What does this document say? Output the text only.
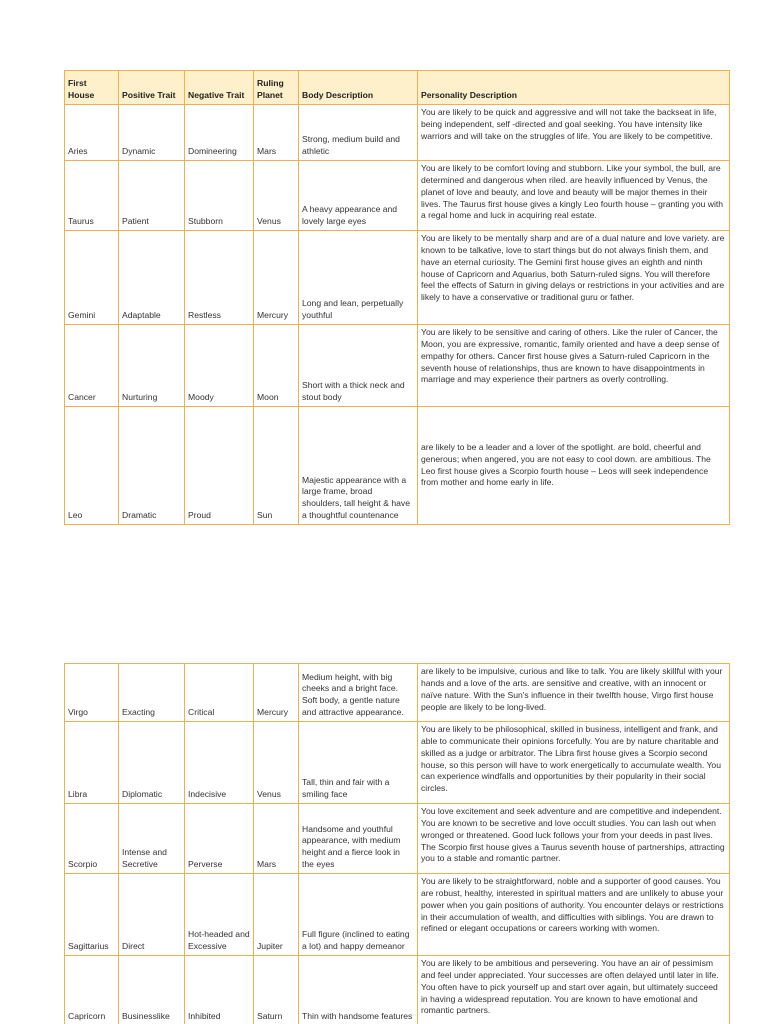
First House	Positive Trait	Negative Trait	Ruling Planet	Body Description	Personality Description
Aries	Dynamic	Domineering	Mars	Strong, medium build and athletic	You are likely to be quick and aggressive and will not take the backseat in life, being independent, self -directed and goal seeking. You have intensity like warriors and will take on the struggles of life. You are likely to be competitive.
Taurus	Patient	Stubborn	Venus	A heavy appearance and lovely large eyes	You are likely to be comfort loving and stubborn. Like your symbol, the bull, are determined and dangerous when riled. are heavily influenced by Venus, the planet of love and beauty, and love and beauty will be major themes in their lives. The Taurus first house gives a kingly Leo fourth house – granting you with a regal home and luck in acquiring real estate.
Gemini	Adaptable	Restless	Mercury	Long and lean, perpetually youthful	You are likely to be mentally sharp and are of a dual nature and love variety. are known to be talkative, love to start things but do not always finish them, and have an eternal curiosity. The Gemini first house gives an eighth and ninth house of Capricorn and Aquarius, both Saturn-ruled signs. You will therefore feel the effects of Saturn in giving delays or restrictions in your activities and are likely to have a conservative or traditional guru or father.
Cancer	Nurturing	Moody	Moon	Short with a thick neck and stout body	You are likely to be sensitive and caring of others. Like the ruler of Cancer, the Moon, you are expressive, romantic, family oriented and have a deep sense of empathy for others. Cancer first house gives a Saturn-ruled Capricorn in the seventh house of relationships, thus are known to have disappointments in marriage and may experience their partners as overly controlling.
Leo	Dramatic	Proud	Sun	Majestic appearance with a large frame, broad shoulders, tall height & have a thoughtful countenance	are likely to be a leader and a lover of the spotlight. are bold, cheerful and generous; when angered, you are not easy to cool down. are ambitious. The Leo first house gives a Scorpio fourth house – Leos will seek independence from mother and home early in life.
Virgo	Exacting	Critical	Mercury	Medium height, with big cheeks and a bright face. Soft body, a gentle nature and attractive appearance.	are likely to be impulsive, curious and like to talk. You are likely skillful with your hands and a love of the arts. are sensitive and creative, with an innocent or naïve nature. With the Sun's influence in their twelfth house, Virgo first house people are likely to be long-lived.
Libra	Diplomatic	Indecisive	Venus	Tall, thin and fair with a smiling face	You are likely to be philosophical, skilled in business, intelligent and frank, and able to communicate their opinions forcefully. You are by nature charitable and skilled as a judge or arbitrator. The Libra first house gives a Scorpio second house, so this person will have to work energetically to accumulate wealth. You can experience windfalls and opportunities by their popularity in their social circles.
Scorpio	Intense and Secretive	Perverse	Mars	Handsome and youthful appearance, with medium height and a fierce look in the eyes	You love excitement and seek adventure and are competitive and independent. You are known to be secretive and love occult studies. You can lash out when wronged or threatened. Good luck follows your from your deeds in past lives. The Scorpio first house gives a Taurus seventh house of partnerships, attracting you to a stable and romantic partner.
Sagittarius	Direct	Hot-headed and Excessive	Jupiter	Full figure (inclined to eating a lot) and happy demeanor	You are likely to be straightforward, noble and a supporter of good causes. You are robust, healthy, interested in spiritual matters and are unlikely to abuse your power when you gain positions of authority. You encounter delays or restrictions in their accumulation of wealth, and difficulties with siblings. You are drawn to refined or elegant occupations or careers working with women.
Capricorn	Businesslike	Inhibited	Saturn	Thin with handsome features	You are likely to be ambitious and persevering. You have an air of pessimism and feel under appreciated. Your successes are often delayed until later in life. You often have to pick yourself up and start over again, but ultimately succeed in having a widespread reputation. You are known to have emotional and romantic partners.
